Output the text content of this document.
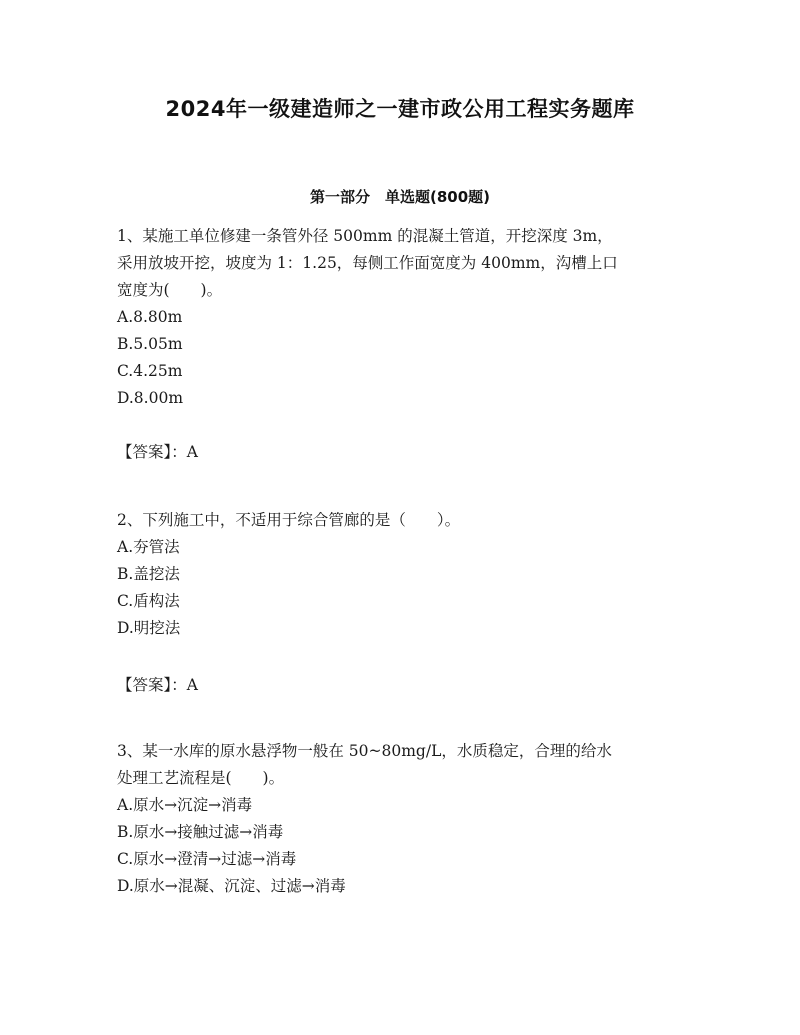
2024年一级建造师之一建市政公用工程实务题库
第一部分　单选题(800题)
1、某施工单位修建一条管外径 500mm 的混凝土管道，开挖深度 3m，
采用放坡开挖，坡度为 1：1.25，每侧工作面宽度为 400mm，沟槽上口
宽度为(　　)。
A.8.80m
B.5.05m
C.4.25m
D.8.00m
【答案】：A
2、下列施工中，不适用于综合管廊的是（　　）。
A.夯管法
B.盖挖法
C.盾构法
D.明挖法
【答案】：A
3、某一水库的原水悬浮物一般在 50~80mg/L，水质稳定，合理的给水
处理工艺流程是(　　)。
A.原水→沉淀→消毒
B.原水→接触过滤→消毒
C.原水→澄清→过滤→消毒
D.原水→混凝、沉淀、过滤→消毒
